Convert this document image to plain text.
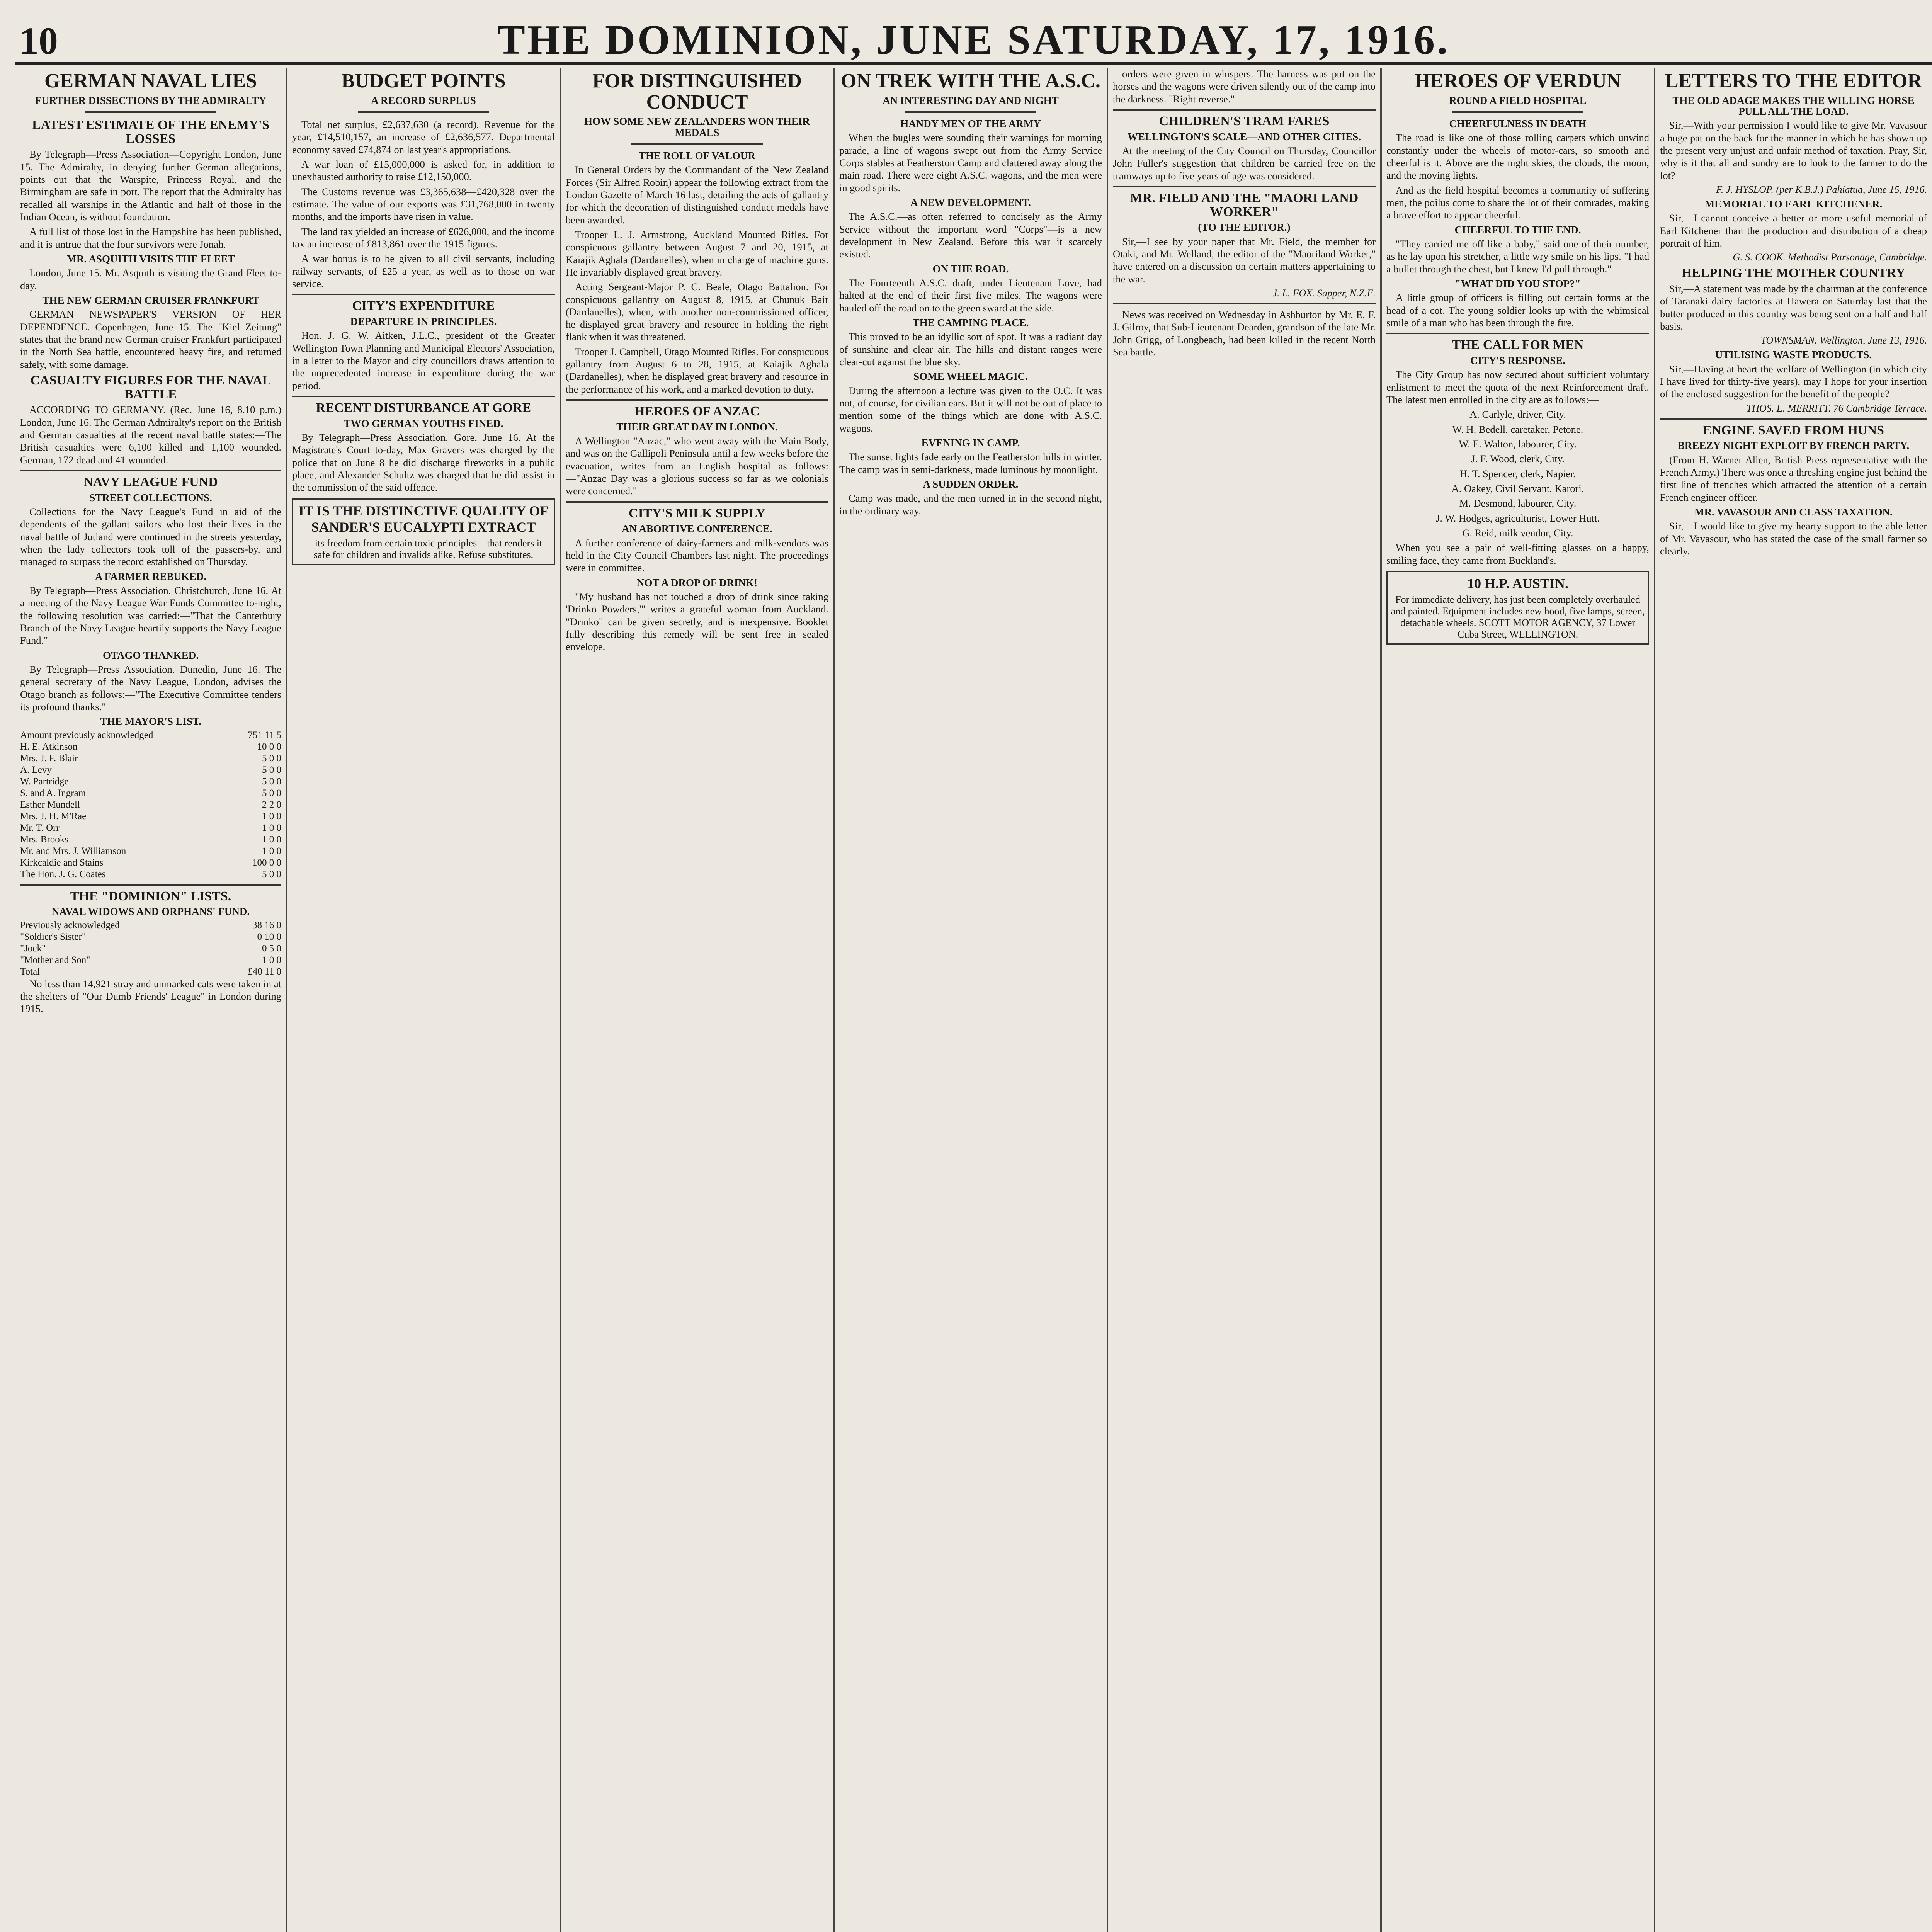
10	THE DOMINION, JUNE SATURDAY, 17, 1916.
GERMAN NAVAL LIES
FURTHER DISSECTIONS BY THE ADMIRALTY
LATEST ESTIMATE OF THE ENEMY'S LOSSES

By Telegraph—Press Association—Copyright London, June 15. The Admiralty, in denying further German allegations, points out that the Warspite, Princess Royal, and the Birmingham are safe in port. The report that the Admiralty has recalled all warships in the Atlantic and half of those in the Indian Ocean, is without foundation.

A full list of those lost in the Hampshire has been published, and it is untrue that the four survivors were Jonah.

MR. ASQUITH VISITS THE FLEET

London, June 15. Mr. Asquith is visiting the Grand Fleet to-day.

THE NEW GERMAN CRUISER FRANKFURT

GERMAN NEWSPAPER'S VERSION OF HER DEPENDENCE. Copenhagen, June 15. The "Kiel Zeitung" states that the brand new German cruiser Frankfurt participated in the North Sea battle, encountered heavy fire, and returned safely, with some damage.

CASUALTY FIGURES FOR THE NAVAL BATTLE

ACCORDING TO GERMANY. (Rec. June 16, 8.10 p.m.) London, June 16. The German Admiralty's report on the British and German casualties at the recent naval battle states:—The British casualties were 6,100 killed and 1,100 wounded. German, 172 dead and 41 wounded.

NAVY LEAGUE FUND
STREET COLLECTIONS.

Collections for the Navy League's Fund in aid of the dependents of the gallant sailors who lost their lives in the naval battle of Jutland were continued in the streets yesterday, when the lady collectors took toll of the passers-by, and managed to surpass the record established on Thursday.

A FARMER REBUKED.

By Telegraph—Press Association. Christchurch, June 16. At a meeting of the Navy League War Funds Committee to-night, the following resolution was carried:—"That the Canterbury Branch of the Navy League heartily supports the Navy League Fund."

OTAGO THANKED.

By Telegraph—Press Association. Dunedin, June 16. The general secretary of the Navy League, London, advises the Otago branch as follows:—"The Executive Committee tenders its profound thanks."

THE MAYOR'S LIST.
Amount previously acknowledged	751 11 5
H. E. Atkinson	10 0 0
Mrs. J. F. Blair	5 0 0
A. Levy	5 0 0
W. Partridge	5 0 0
S. and A. Ingram	5 0 0
Esther Mundell	2 2 0
Mrs. J. H. M'Rae	1 0 0
Mr. T. Orr	1 0 0
Mrs. Brooks	1 0 0
Mr. and Mrs. J. Williamson	1 0 0
Kirkcaldie and Stains	100 0 0
The Hon. J. G. Coates	5 0 0
THE "DOMINION" LISTS.
NAVAL WIDOWS AND ORPHANS' FUND.
Previously acknowledged	38 16 0
"Soldier's Sister"	0 10 0
"Jock"	0 5 0
"Mother and Son"	1 0 0
Total	£40 11 0

No less than 14,921 stray and unmarked cats were taken in at the shelters of "Our Dumb Friends' League" in London during 1915.

BUDGET POINTS
A RECORD SURPLUS

Total net surplus, £2,637,630 (a record). Revenue for the year, £14,510,157, an increase of £2,636,577. Departmental economy saved £74,874 on last year's appropriations.

A war loan of £15,000,000 is asked for, in addition to unexhausted authority to raise £12,150,000.

The Customs revenue was £3,365,638—£420,328 over the estimate. The value of our exports was £31,768,000 in twenty months, and the imports have risen in value.

The land tax yielded an increase of £626,000, and the income tax an increase of £813,861 over the 1915 figures.

A war bonus is to be given to all civil servants, including railway servants, of £25 a year, as well as to those on war service.

CITY'S EXPENDITURE
DEPARTURE IN PRINCIPLES.

Hon. J. G. W. Aitken, J.L.C., president of the Greater Wellington Town Planning and Municipal Electors' Association, in a letter to the Mayor and city councillors draws attention to the unprecedented increase in expenditure during the war period.

RECENT DISTURBANCE AT GORE
TWO GERMAN YOUTHS FINED.

By Telegraph—Press Association. Gore, June 16. At the Magistrate's Court to-day, Max Gravers was charged by the police that on June 8 he did discharge fireworks in a public place, and Alexander Schultz was charged that he did assist in the commission of the said offence.

IT IS THE DISTINCTIVE QUALITY OF SANDER'S EUCALYPTI EXTRACT
—its freedom from certain toxic principles—that renders it safe for children and invalids alike. Refuse substitutes.
FOR DISTINGUISHED CONDUCT
HOW SOME NEW ZEALANDERS WON THEIR MEDALS
THE ROLL OF VALOUR

In General Orders by the Commandant of the New Zealand Forces (Sir Alfred Robin) appear the following extract from the London Gazette of March 16 last, detailing the acts of gallantry for which the decoration of distinguished conduct medals have been awarded.

Trooper L. J. Armstrong, Auckland Mounted Rifles. For conspicuous gallantry between August 7 and 20, 1915, at Kaiajik Aghala (Dardanelles), when in charge of machine guns. He invariably displayed great bravery.

Acting Sergeant-Major P. C. Beale, Otago Battalion. For conspicuous gallantry on August 8, 1915, at Chunuk Bair (Dardanelles), when, with another non-commissioned officer, he displayed great bravery and resource in holding the right flank when it was threatened.

Trooper J. Campbell, Otago Mounted Rifles. For conspicuous gallantry from August 6 to 28, 1915, at Kaiajik Aghala (Dardanelles), when he displayed great bravery and resource in the performance of his work, and a marked devotion to duty.

HEROES OF ANZAC
THEIR GREAT DAY IN LONDON.

A Wellington "Anzac," who went away with the Main Body, and was on the Gallipoli Peninsula until a few weeks before the evacuation, writes from an English hospital as follows:—"Anzac Day was a glorious success so far as we colonials were concerned."

CITY'S MILK SUPPLY
AN ABORTIVE CONFERENCE.

A further conference of dairy-farmers and milk-vendors was held in the City Council Chambers last night. The proceedings were in committee.

NOT A DROP OF DRINK!

"My husband has not touched a drop of drink since taking 'Drinko Powders,'" writes a grateful woman from Auckland. "Drinko" can be given secretly, and is inexpensive. Booklet fully describing this remedy will be sent free in sealed envelope.

ON TREK WITH THE A.S.C.
AN INTERESTING DAY AND NIGHT
HANDY MEN OF THE ARMY

When the bugles were sounding their warnings for morning parade, a line of wagons swept out from the Army Service Corps stables at Featherston Camp and clattered away along the main road. There were eight A.S.C. wagons, and the men were in good spirits.

A NEW DEVELOPMENT.

The A.S.C.—as often referred to concisely as the Army Service without the important word "Corps"—is a new development in New Zealand. Before this war it scarcely existed.

ON THE ROAD.

The Fourteenth A.S.C. draft, under Lieutenant Love, had halted at the end of their first five miles. The wagons were hauled off the road on to the green sward at the side.

THE CAMPING PLACE.

This proved to be an idyllic sort of spot. It was a radiant day of sunshine and clear air. The hills and distant ranges were clear-cut against the blue sky.

SOME WHEEL MAGIC.

During the afternoon a lecture was given to the O.C. It was not, of course, for civilian ears. But it will not be out of place to mention some of the things which are done with A.S.C. wagons.

EVENING IN CAMP.

The sunset lights fade early on the Featherston hills in winter. The camp was in semi-darkness, made luminous by moonlight.

A SUDDEN ORDER.

Camp was made, and the men turned in in the second night, in the ordinary way.

orders were given in whispers. The harness was put on the horses and the wagons were driven silently out of the camp into the darkness. "Right reverse."

CHILDREN'S TRAM FARES
WELLINGTON'S SCALE—AND OTHER CITIES.

At the meeting of the City Council on Thursday, Councillor John Fuller's suggestion that children be carried free on the tramways up to five years of age was considered.

MR. FIELD AND THE "MAORI LAND WORKER"
(TO THE EDITOR.)

Sir,—I see by your paper that Mr. Field, the member for Otaki, and Mr. Welland, the editor of the "Maoriland Worker," have entered on a discussion on certain matters appertaining to the war.

J. L. FOX. Sapper, N.Z.E.

News was received on Wednesday in Ashburton by Mr. E. F. J. Gilroy, that Sub-Lieutenant Dearden, grandson of the late Mr. John Grigg, of Longbeach, had been killed in the recent North Sea battle.

HEROES OF VERDUN
ROUND A FIELD HOSPITAL
CHEERFULNESS IN DEATH

The road is like one of those rolling carpets which unwind constantly under the wheels of motor-cars, so smooth and cheerful is it. Above are the night skies, the clouds, the moon, and the moving lights.

And as the field hospital becomes a community of suffering men, the poilus come to share the lot of their comrades, making a brave effort to appear cheerful.

CHEERFUL TO THE END.

"They carried me off like a baby," said one of their number, as he lay upon his stretcher, a little wry smile on his lips. "I had a bullet through the chest, but I knew I'd pull through."

"WHAT DID YOU STOP?"

A little group of officers is filling out certain forms at the head of a cot. The young soldier looks up with the whimsical smile of a man who has been through the fire.

THE CALL FOR MEN
CITY'S RESPONSE.

The City Group has now secured about sufficient voluntary enlistment to meet the quota of the next Reinforcement draft. The latest men enrolled in the city are as follows:—

A. Carlyle, driver, City.

W. H. Bedell, caretaker, Petone.

W. E. Walton, labourer, City.

J. F. Wood, clerk, City.

H. T. Spencer, clerk, Napier.

A. Oakey, Civil Servant, Karori.

M. Desmond, labourer, City.

J. W. Hodges, agriculturist, Lower Hutt.

G. Reid, milk vendor, City.

When you see a pair of well-fitting glasses on a happy, smiling face, they came from Buckland's.

10 H.P. AUSTIN.
For immediate delivery, has just been completely overhauled and painted. Equipment includes new hood, five lamps, screen, detachable wheels. SCOTT MOTOR AGENCY, 37 Lower Cuba Street, WELLINGTON.
LETTERS TO THE EDITOR
THE OLD ADAGE MAKES THE WILLING HORSE PULL ALL THE LOAD.

Sir,—With your permission I would like to give Mr. Vavasour a huge pat on the back for the manner in which he has shown up the present very unjust and unfair method of taxation. Pray, Sir, why is it that all and sundry are to look to the farmer to do the lot?

F. J. HYSLOP. (per K.B.J.) Pahiatua, June 15, 1916.
MEMORIAL TO EARL KITCHENER.

Sir,—I cannot conceive a better or more useful memorial of Earl Kitchener than the production and distribution of a cheap portrait of him.

G. S. COOK. Methodist Parsonage, Cambridge.
HELPING THE MOTHER COUNTRY

Sir,—A statement was made by the chairman at the conference of Taranaki dairy factories at Hawera on Saturday last that the butter produced in this country was being sent on a half and half basis.

TOWNSMAN. Wellington, June 13, 1916.
UTILISING WASTE PRODUCTS.

Sir,—Having at heart the welfare of Wellington (in which city I have lived for thirty-five years), may I hope for your insertion of the enclosed suggestion for the benefit of the people?

THOS. E. MERRITT. 76 Cambridge Terrace.
ENGINE SAVED FROM HUNS
BREEZY NIGHT EXPLOIT BY FRENCH PARTY.

(From H. Warner Allen, British Press representative with the French Army.) There was once a threshing engine just behind the first line of trenches which attracted the attention of a certain French engineer officer.

MR. VAVASOUR AND CLASS TAXATION.

Sir,—I would like to give my hearty support to the able letter of Mr. Vavasour, who has stated the case of the small farmer so clearly.
